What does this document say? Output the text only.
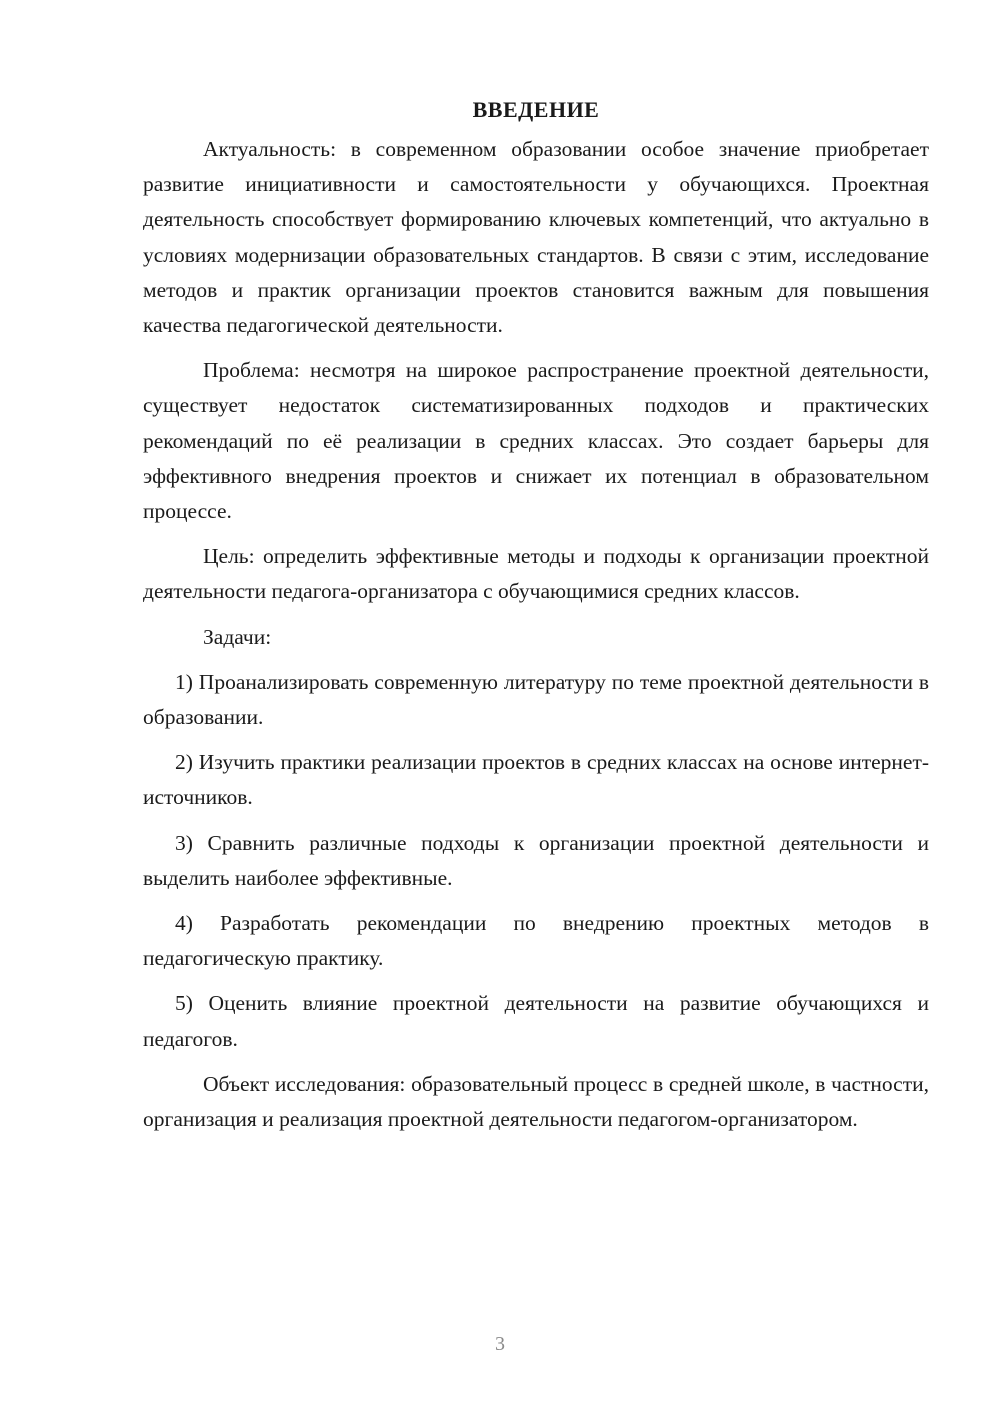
ВВЕДЕНИЕ

Актуальность: в современном образовании особое значение приобретает развитие инициативности и самостоятельности у обучающихся. Проектная деятельность способствует формированию ключевых компетенций, что актуально в условиях модернизации образовательных стандартов. В связи с этим, исследование методов и практик организации проектов становится важным для повышения качества педагогической деятельности.

Проблема: несмотря на широкое распространение проектной деятельности, существует недостаток систематизированных подходов и практических рекомендаций по её реализации в средних классах. Это создает барьеры для эффективного внедрения проектов и снижает их потенциал в образовательном процессе.

Цель: определить эффективные методы и подходы к организации проектной деятельности педагога-организатора с обучающимися средних классов.

Задачи:

1) Проанализировать современную литературу по теме проектной деятельности в образовании.

2) Изучить практики реализации проектов в средних классах на основе интернет-источников.

3) Сравнить различные подходы к организации проектной деятельности и выделить наиболее эффективные.

4) Разработать рекомендации по внедрению проектных методов в педагогическую практику.

5) Оценить влияние проектной деятельности на развитие обучающихся и педагогов.

Объект исследования: образовательный процесс в средней школе, в частности, организация и реализация проектной деятельности педагогом-организатором.

3
